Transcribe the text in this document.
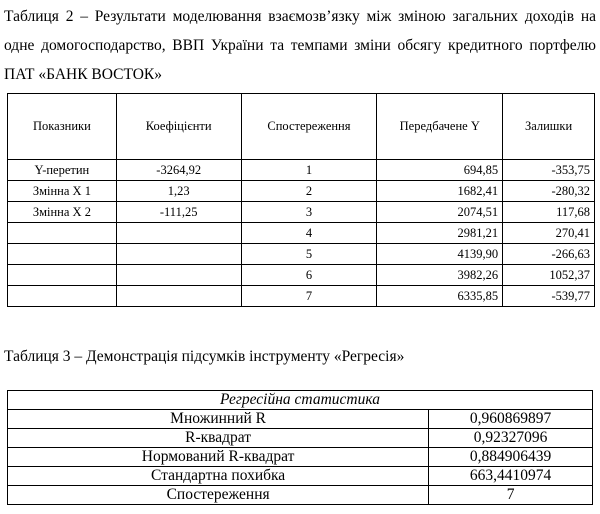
Таблиця 2 – Результати моделювання взаємозв’язку між зміною загальних доходів на одне домогосподарство, ВВП України та темпами зміни обсягу кредитного портфелю ПАТ «БАНК ВОСТОК»
Показники	Коефіцієнти	Спостереження	Передбачене Y	Залишки
Y-перетин	-3264,92	1	694,85	-353,75
Змінна X 1	1,23	2	1682,41	-280,32
Змінна X 2	-111,25	3	2074,51	117,68
		4	2981,21	270,41
		5	4139,90	-266,63
		6	3982,26	1052,37
		7	6335,85	-539,77
Таблиця 3 – Демонстрація підсумків інструменту «Регресія»
Регресійна статистика	
Множинний R	0,960869897
R-квадрат	0,92327096
Нормований R-квадрат	0,884906439
Стандартна похибка	663,4410974
Спостереження	7
